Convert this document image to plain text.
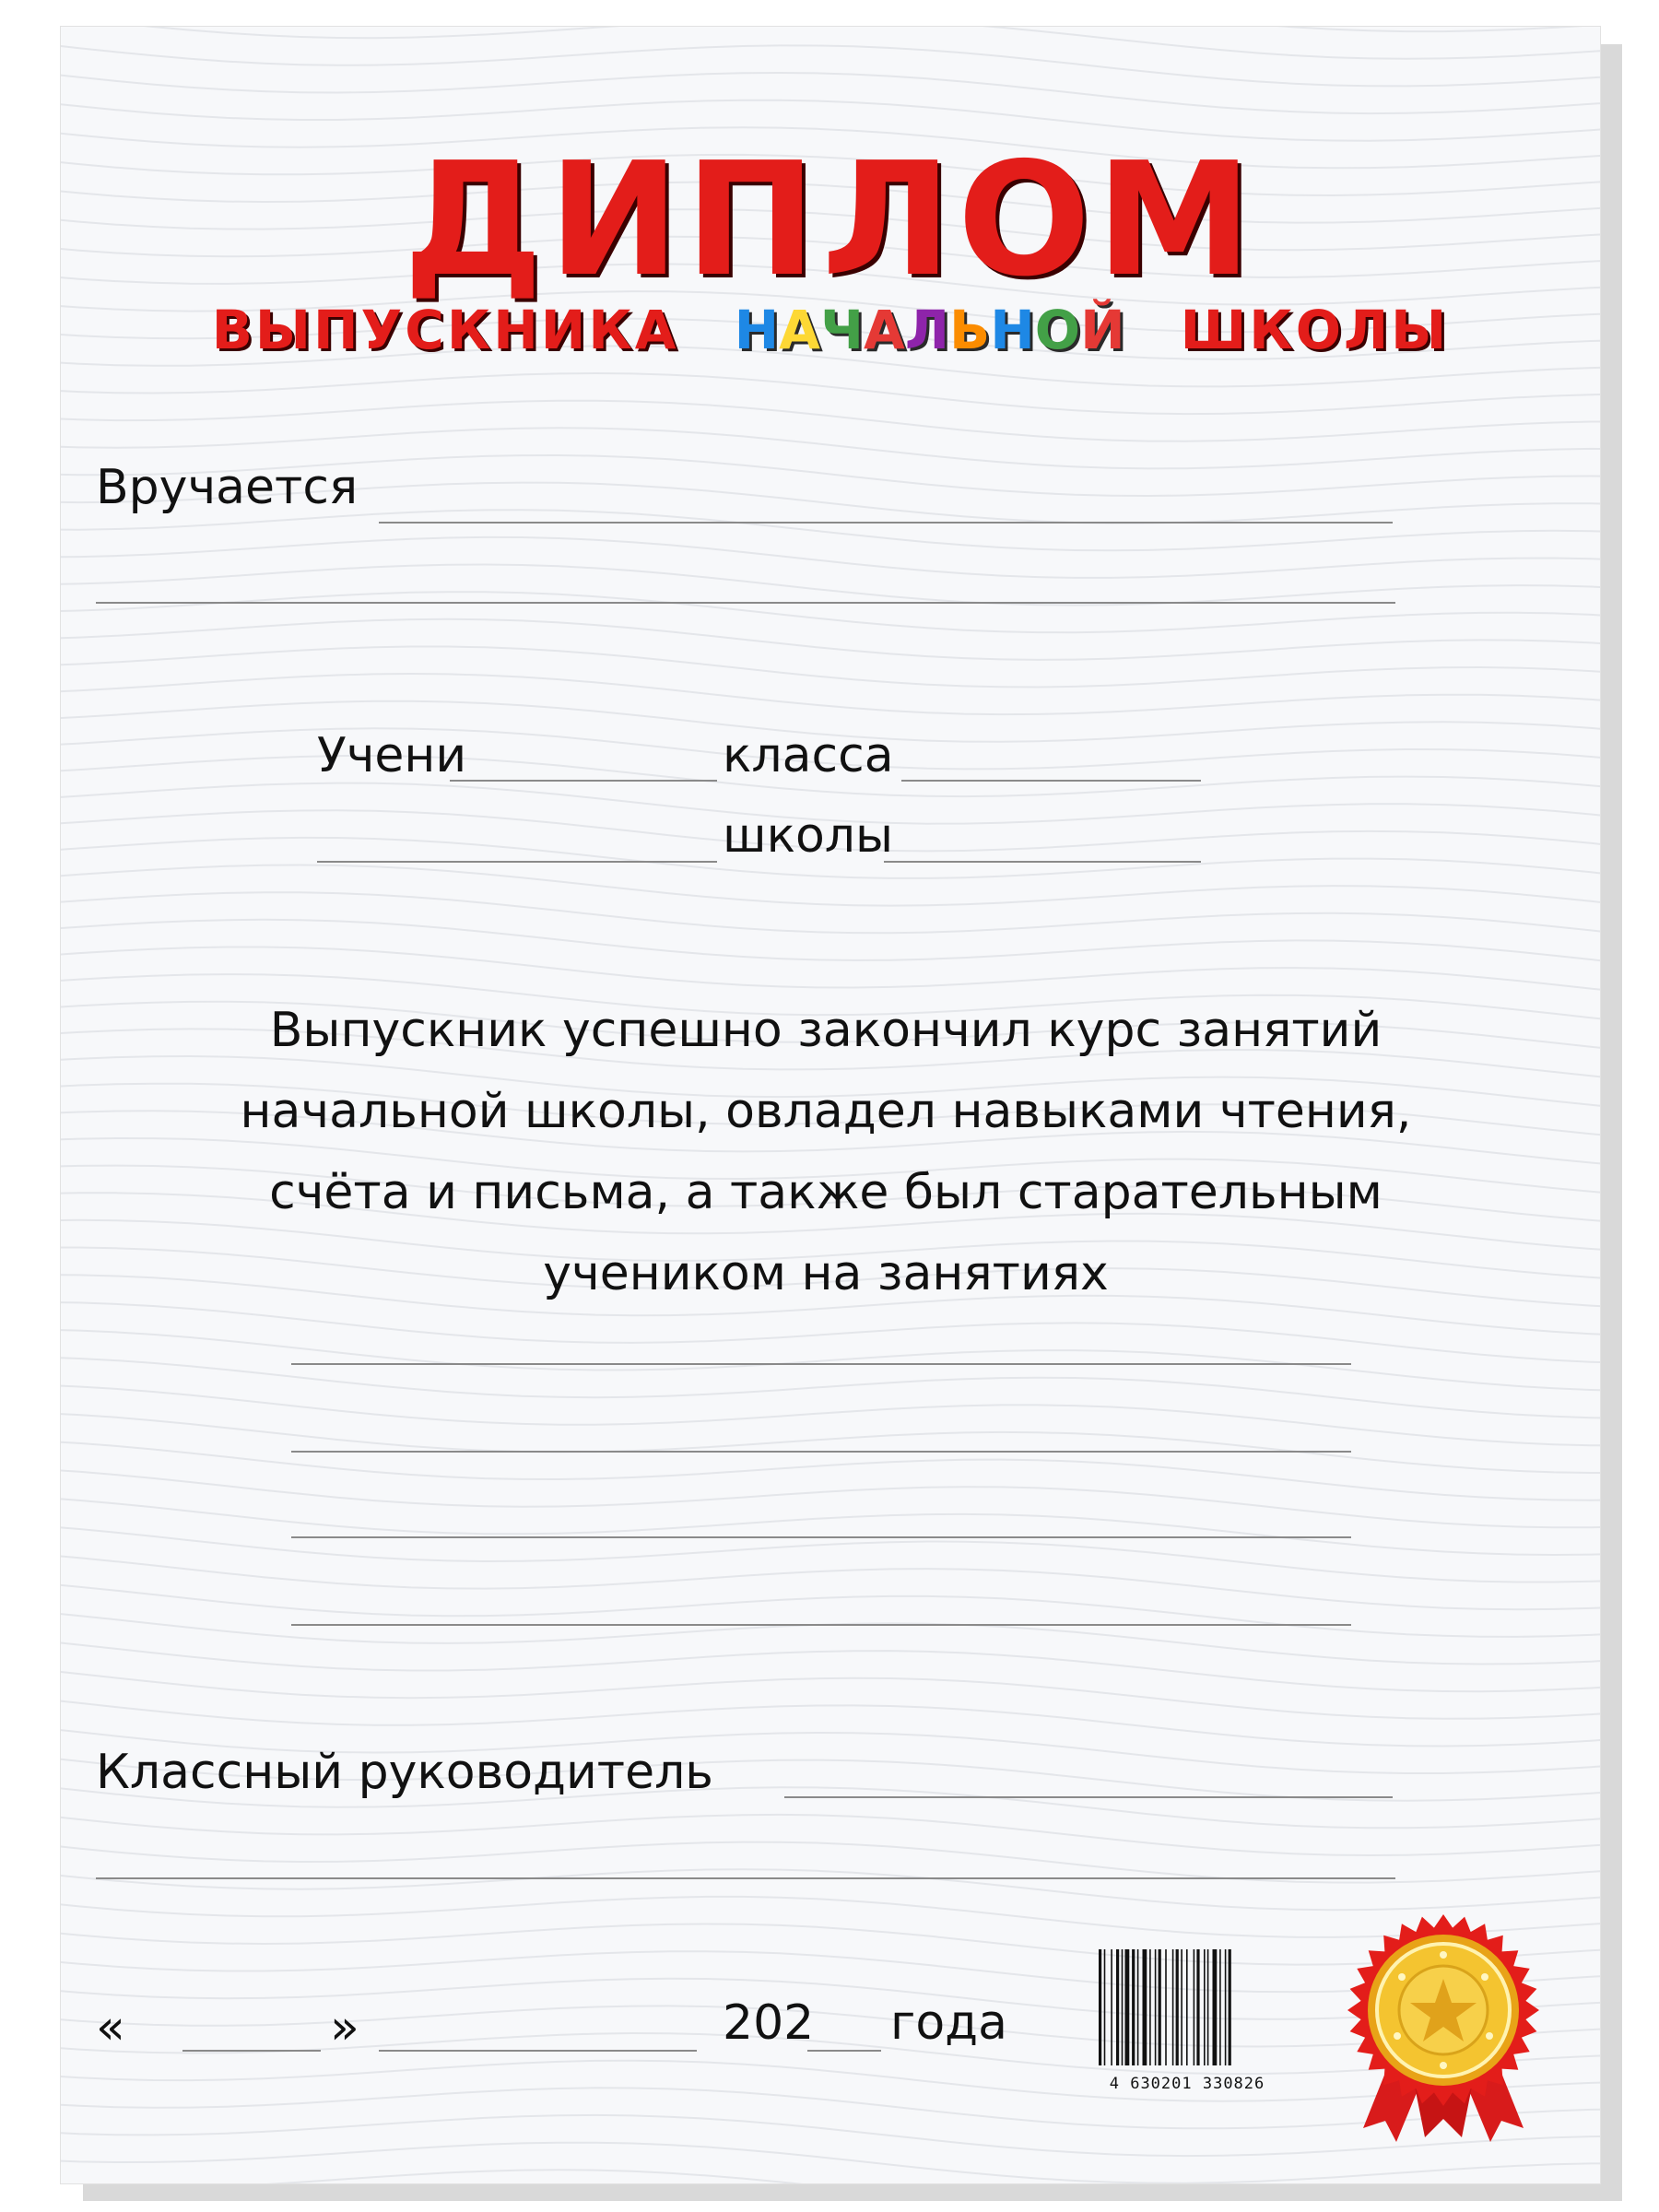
ДИПЛОМ
ВЫПУСКНИКА НАЧАЛЬНОЙ ШКОЛЫ
Вручается
Учени	класса
школы
Выпускник успешно закончил курс занятий
начальной школы, овладел навыками чтения,
счёта и письма, а также был старательным
учеником на занятиях
Классный руководитель
«	»	202 года
4 630201 330826
